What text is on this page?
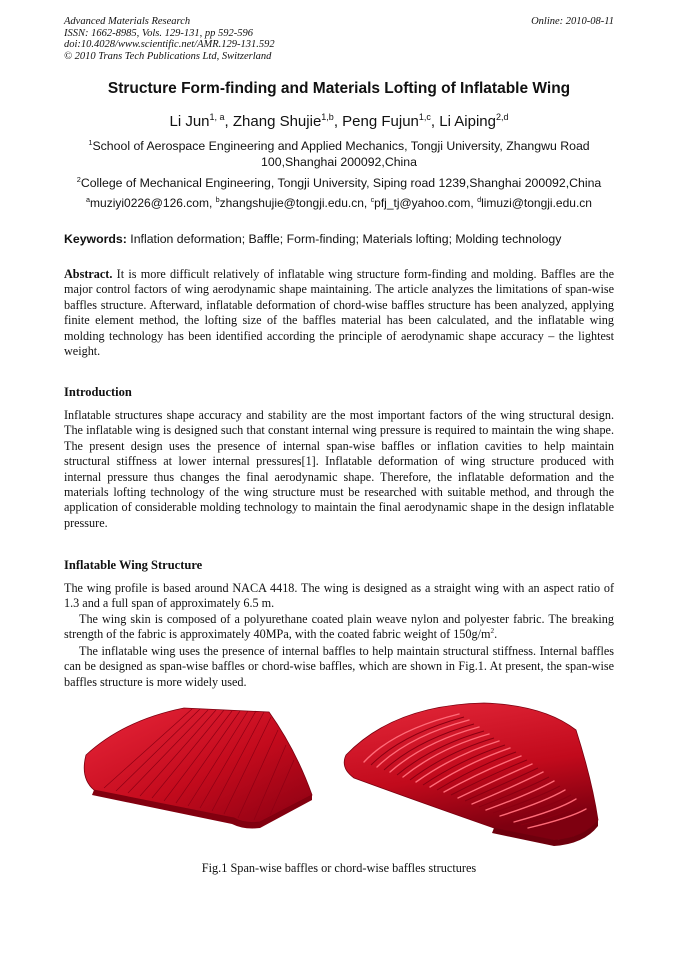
Advanced Materials Research
ISSN: 1662-8985, Vols. 129-131, pp 592-596
doi:10.4028/www.scientific.net/AMR.129-131.592
© 2010 Trans Tech Publications Ltd, Switzerland
Online: 2010-08-11
Structure Form-finding and Materials Lofting of Inflatable Wing
Li Jun$^{1, a}$, Zhang Shujie$^{1,b}$, Peng Fujun$^{1,c}$, Li Aiping$^{2,d}$
$^1$School of Aerospace Engineering and Applied Mechanics, Tongji University, Zhangwu Road 100,Shanghai 200092,China
$^2$College of Mechanical Engineering, Tongji University, Siping road 1239,Shanghai 200092,China
$^a$muziyi0226@126.com, $^b$zhangshujie@tongji.edu.cn, $^c$pfj_tj@yahoo.com, $^d$limuzi@tongji.edu.cn
Keywords: Inflation deformation; Baffle; Form-finding; Materials lofting; Molding technology

Abstract. It is more difficult relatively of inflatable wing structure form-finding and molding. Baffles are the major control factors of wing aerodynamic shape maintaining. The article analyzes the limitations of span-wise baffles structure. Afterward, inflatable deformation of chord-wise baffles structure has been analyzed, applying finite element method, the lofting size of the baffles material has been calculated, and the inflatable wing molding technology has been identified according the principle of aerodynamic shape accuracy – the lightest weight.

Introduction

Inflatable structures shape accuracy and stability are the most important factors of the wing structural design. The inflatable wing is designed such that constant internal wing pressure is required to maintain the wing shape. The present design uses the presence of internal span-wise baffles or inflation cavities to help maintain structural stiffness at lower internal pressures[1]. Inflatable deformation of wing structure produced with internal pressure thus changes the final aerodynamic shape. Therefore, the inflatable deformation and the materials lofting technology of the wing structure must be researched with suitable method, and through the application of considerable molding technology to maintain the final aerodynamic shape in the design inflatable pressure.

Inflatable Wing Structure

The wing profile is based around NACA 4418. The wing is designed as a straight wing with an aspect ratio of 1.3 and a full span of approximately 6.5 m.

The wing skin is composed of a polyurethane coated plain weave nylon and polyester fabric. The breaking strength of the fabric is approximately 40MPa, with the coated fabric weight of $150g/m^2$.

The inflatable wing uses the presence of internal baffles to help maintain structural stiffness. Internal baffles can be designed as span-wise baffles or chord-wise baffles, which are shown in Fig.1. At present, the span-wise baffles structure is more widely used.

Fig.1 Span-wise baffles or chord-wise baffles structures
